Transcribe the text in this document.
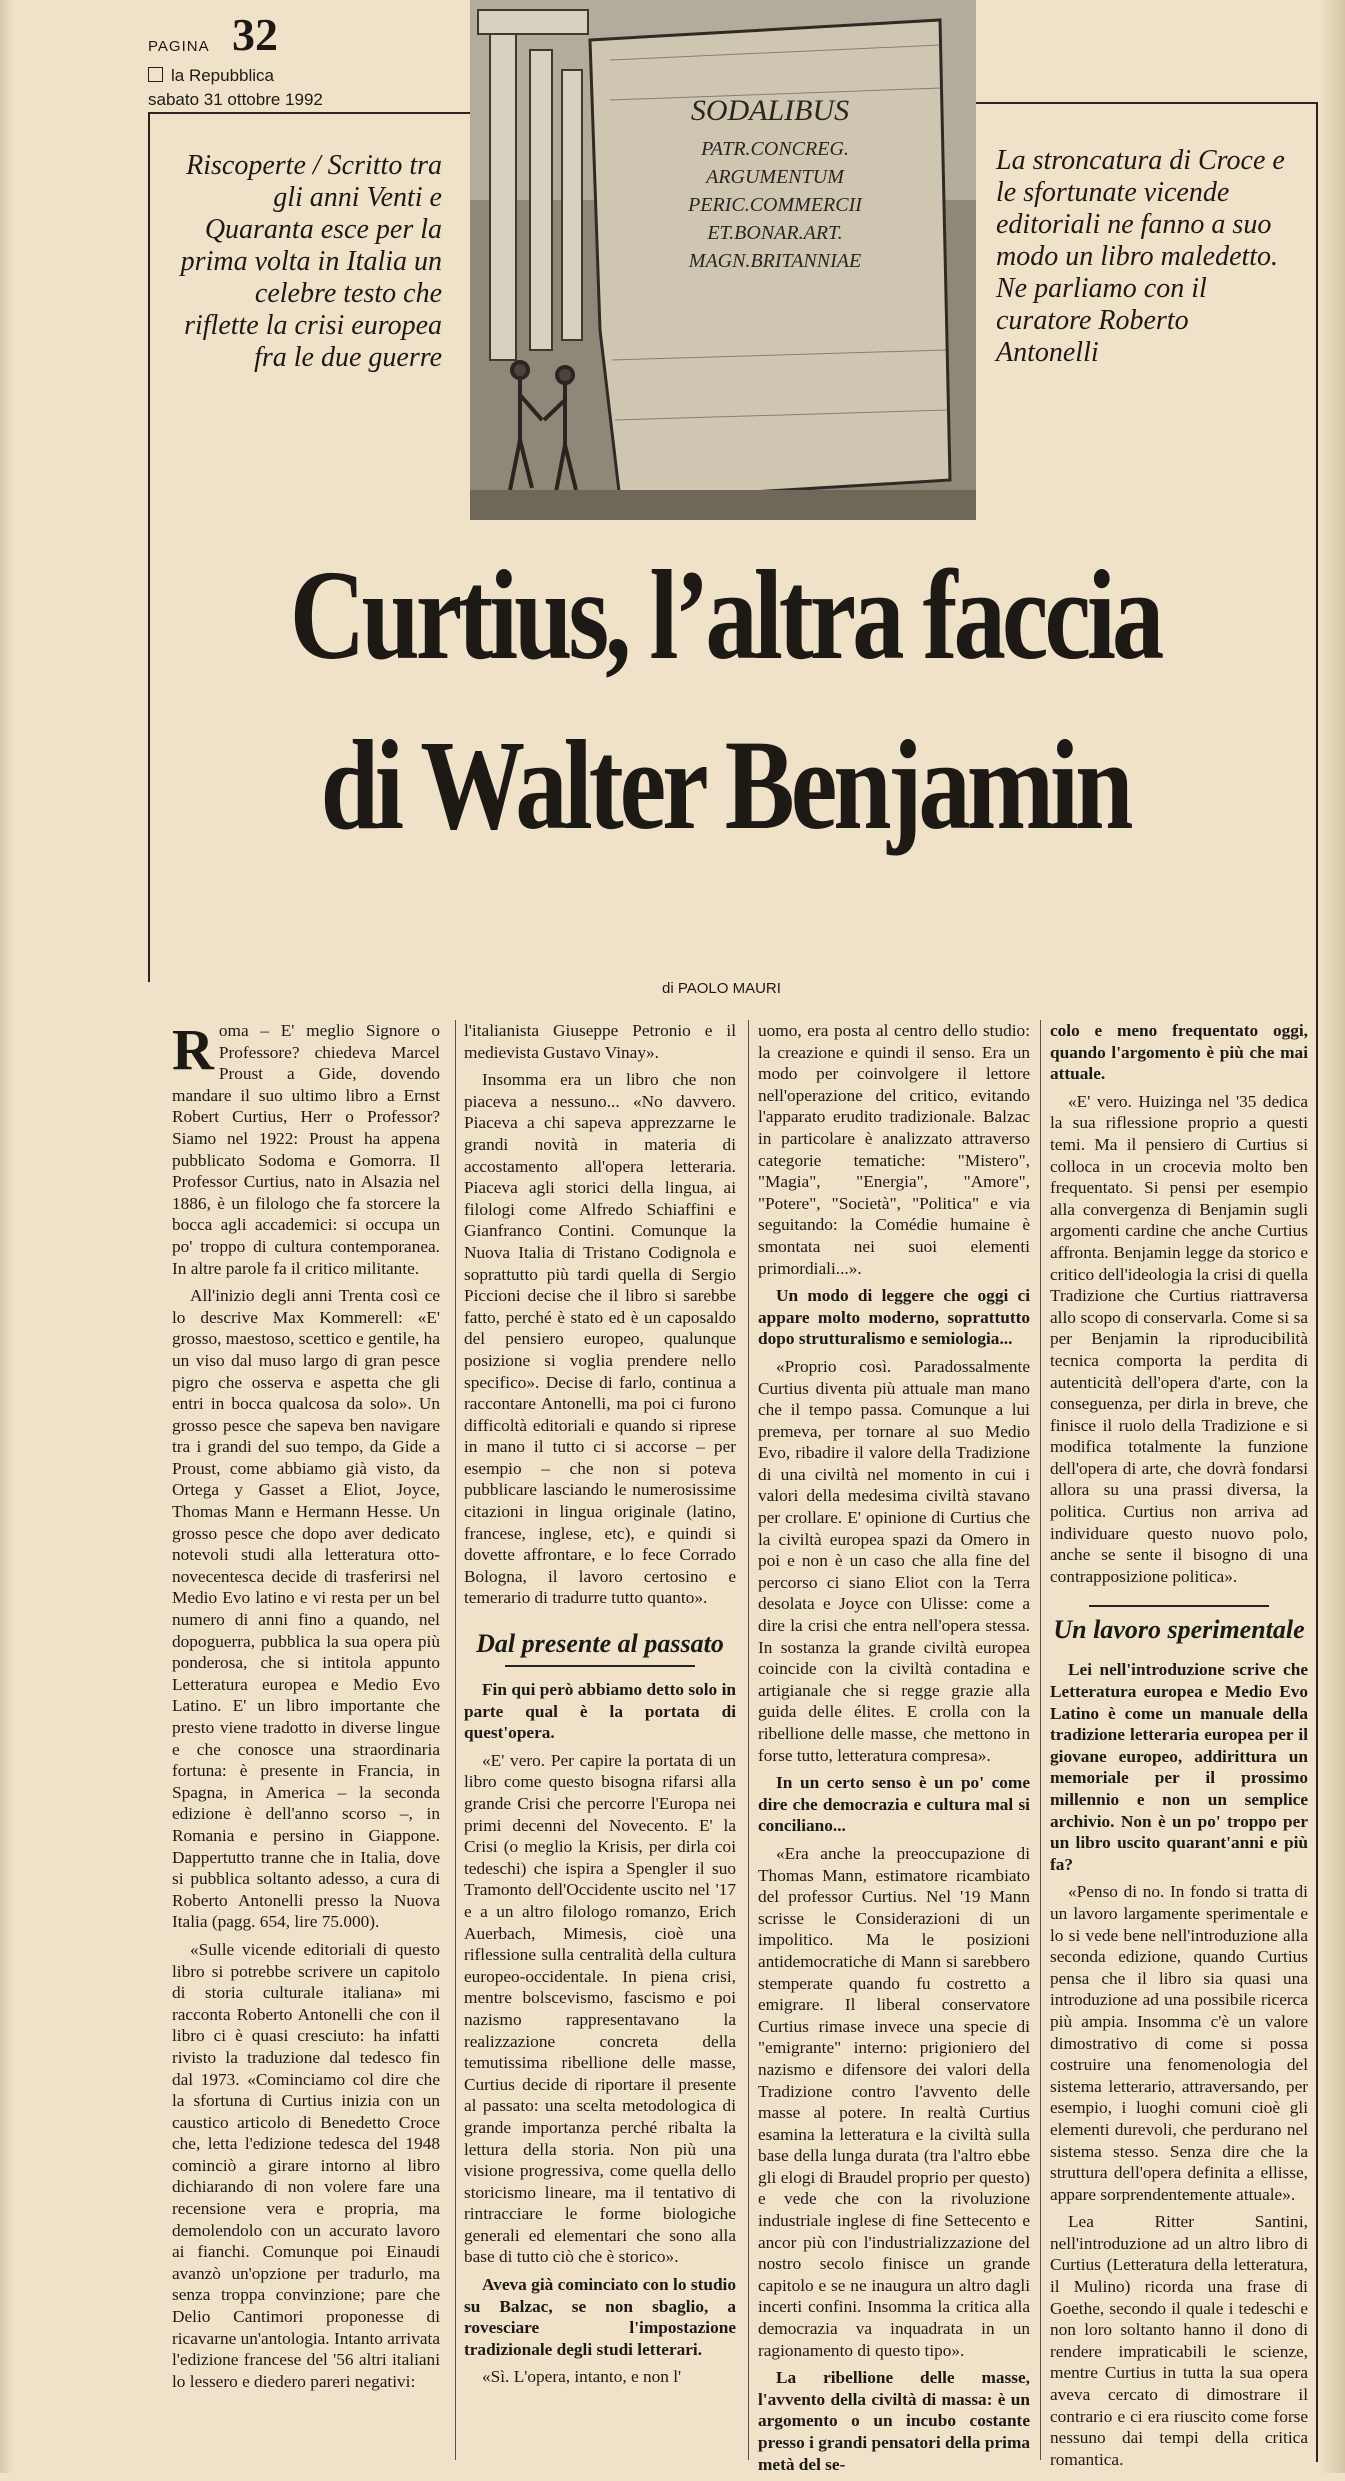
PAGINA 32
la Repubblica
sabato 31 ottobre 1992	SODALIBUS
PATR.CONCREG.
ARGUMENTUM
PERIC.COMMERCII
ET.BONAR.ART.
MAGN.BRITANNIAE
Riscoperte / Scritto tra gli anni Venti e Quaranta esce per la prima volta in Italia un celebre testo che riflette la crisi europea fra le due guerre
La stroncatura di Croce e le sfortunate vicende editoriali ne fanno a suo modo un libro maledetto. Ne parliamo con il curatore Roberto Antonelli
Curtius, l’altra faccia
di Walter Benjamin
di PAOLO MAURI

Roma – E' meglio Signore o Professore? chiedeva Marcel Proust a Gide, dovendo mandare il suo ultimo libro a Ernst Robert Curtius, Herr o Professor? Siamo nel 1922: Proust ha appena pubblicato Sodoma e Gomorra. Il Professor Curtius, nato in Alsazia nel 1886, è un filologo che fa storcere la bocca agli accademici: si occupa un po' troppo di cultura contemporanea. In altre parole fa il critico militante.

All'inizio degli anni Trenta così ce lo descrive Max Kommerell: «E' grosso, maestoso, scettico e gentile, ha un viso dal muso largo di gran pesce pigro che osserva e aspetta che gli entri in bocca qualcosa da solo». Un grosso pesce che sapeva ben navigare tra i grandi del suo tempo, da Gide a Proust, come abbiamo già visto, da Ortega y Gasset a Eliot, Joyce, Thomas Mann e Hermann Hesse. Un grosso pesce che dopo aver dedicato notevoli studi alla letteratura otto-novecentesca decide di trasferirsi nel Medio Evo latino e vi resta per un bel numero di anni fino a quando, nel dopoguerra, pubblica la sua opera più ponderosa, che si intitola appunto Letteratura europea e Medio Evo Latino. E' un libro importante che presto viene tradotto in diverse lingue e che conosce una straordinaria fortuna: è presente in Francia, in Spagna, in America – la seconda edizione è dell'anno scorso –, in Romania e persino in Giappone. Dappertutto tranne che in Italia, dove si pubblica soltanto adesso, a cura di Roberto Antonelli presso la Nuova Italia (pagg. 654, lire 75.000).

«Sulle vicende editoriali di questo libro si potrebbe scrivere un capitolo di storia culturale italiana» mi racconta Roberto Antonelli che con il libro ci è quasi cresciuto: ha infatti rivisto la traduzione dal tedesco fin dal 1973. «Cominciamo col dire che la sfortuna di Curtius inizia con un caustico articolo di Benedetto Croce che, letta l'edizione tedesca del 1948 cominciò a girare intorno al libro dichiarando di non volere fare una recensione vera e propria, ma demolendolo con un accurato lavoro ai fianchi. Comunque poi Einaudi avanzò un'opzione per tradurlo, ma senza troppa convinzione; pare che Delio Cantimori proponesse di ricavarne un'antologia. Intanto arrivata l'edizione francese del '56 altri italiani lo lessero e diedero pareri negativi:

l'italianista Giuseppe Petronio e il medievista Gustavo Vinay».

Insomma era un libro che non piaceva a nessuno... «No davvero. Piaceva a chi sapeva apprezzarne le grandi novità in materia di accostamento all'opera letteraria. Piaceva agli storici della lingua, ai filologi come Alfredo Schiaffini e Gianfranco Contini. Comunque la Nuova Italia di Tristano Codignola e soprattutto più tardi quella di Sergio Piccioni decise che il libro si sarebbe fatto, perché è stato ed è un caposaldo del pensiero europeo, qualunque posizione si voglia prendere nello specifico». Decise di farlo, continua a raccontare Antonelli, ma poi ci furono difficoltà editoriali e quando si riprese in mano il tutto ci si accorse – per esempio – che non si poteva pubblicare lasciando le numerosissime citazioni in lingua originale (latino, francese, inglese, etc), e quindi si dovette affrontare, e lo fece Corrado Bologna, il lavoro certosino e temerario di tradurre tutto quanto».

Dal presente al passato

Fin qui però abbiamo detto solo in parte qual è la portata di quest'opera.

«E' vero. Per capire la portata di un libro come questo bisogna rifarsi alla grande Crisi che percorre l'Europa nei primi decenni del Novecento. E' la Crisi (o meglio la Krisis, per dirla coi tedeschi) che ispira a Spengler il suo Tramonto dell'Occidente uscito nel '17 e a un altro filologo romanzo, Erich Auerbach, Mimesis, cioè una riflessione sulla centralità della cultura europeo-occidentale. In piena crisi, mentre bolscevismo, fascismo e poi nazismo rappresentavano la realizzazione concreta della temutissima ribellione delle masse, Curtius decide di riportare il presente al passato: una scelta metodologica di grande importanza perché ribalta la lettura della storia. Non più una visione progressiva, come quella dello storicismo lineare, ma il tentativo di rintracciare le forme biologiche generali ed elementari che sono alla base di tutto ciò che è storico».

Aveva già cominciato con lo studio su Balzac, se non sbaglio, a rovesciare l'impostazione tradizionale degli studi letterari.

«Sì. L'opera, intanto, e non l'

uomo, era posta al centro dello studio: la creazione e quindi il senso. Era un modo per coinvolgere il lettore nell'operazione del critico, evitando l'apparato erudito tradizionale. Balzac in particolare è analizzato attraverso categorie tematiche: "Mistero", "Magia", "Energia", "Amore", "Potere", "Società", "Politica" e via seguitando: la Comédie humaine è smontata nei suoi elementi primordiali...».

Un modo di leggere che oggi ci appare molto moderno, soprattutto dopo strutturalismo e semiologia...

«Proprio così. Paradossalmente Curtius diventa più attuale man mano che il tempo passa. Comunque a lui premeva, per tornare al suo Medio Evo, ribadire il valore della Tradizione di una civiltà nel momento in cui i valori della medesima civiltà stavano per crollare. E' opinione di Curtius che la civiltà europea spazi da Omero in poi e non è un caso che alla fine del percorso ci siano Eliot con la Terra desolata e Joyce con Ulisse: come a dire la crisi che entra nell'opera stessa. In sostanza la grande civiltà europea coincide con la civiltà contadina e artigianale che si regge grazie alla guida delle élites. E crolla con la ribellione delle masse, che mettono in forse tutto, letteratura compresa».

In un certo senso è un po' come dire che democrazia e cultura mal si conciliano...

«Era anche la preoccupazione di Thomas Mann, estimatore ricambiato del professor Curtius. Nel '19 Mann scrisse le Considerazioni di un impolitico. Ma le posizioni antidemocratiche di Mann si sarebbero stemperate quando fu costretto a emigrare. Il liberal conservatore Curtius rimase invece una specie di "emigrante" interno: prigioniero del nazismo e difensore dei valori della Tradizione contro l'avvento delle masse al potere. In realtà Curtius esamina la letteratura e la civiltà sulla base della lunga durata (tra l'altro ebbe gli elogi di Braudel proprio per questo) e vede che con la rivoluzione industriale inglese di fine Settecento e ancor più con l'industrializzazione del nostro secolo finisce un grande capitolo e se ne inaugura un altro dagli incerti confini. Insomma la critica alla democrazia va inquadrata in un ragionamento di questo tipo».

La ribellione delle masse, l'avvento della civiltà di massa: è un argomento o un incubo costante presso i grandi pensatori della prima metà del se-

colo e meno frequentato oggi, quando l'argomento è più che mai attuale.

«E' vero. Huizinga nel '35 dedica la sua riflessione proprio a questi temi. Ma il pensiero di Curtius si colloca in un crocevia molto ben frequentato. Si pensi per esempio alla convergenza di Benjamin sugli argomenti cardine che anche Curtius affronta. Benjamin legge da storico e critico dell'ideologia la crisi di quella Tradizione che Curtius riattraversa allo scopo di conservarla. Come si sa per Benjamin la riproducibilità tecnica comporta la perdita di autenticità dell'opera d'arte, con la conseguenza, per dirla in breve, che finisce il ruolo della Tradizione e si modifica totalmente la funzione dell'opera di arte, che dovrà fondarsi allora su una prassi diversa, la politica. Curtius non arriva ad individuare questo nuovo polo, anche se sente il bisogno di una contrapposizione politica».

Un lavoro sperimentale

Lei nell'introduzione scrive che Letteratura europea e Medio Evo Latino è come un manuale della tradizione letteraria europea per il giovane europeo, addirittura un memoriale per il prossimo millennio e non un semplice archivio. Non è un po' troppo per un libro uscito quarant'anni e più fa?

«Penso di no. In fondo si tratta di un lavoro largamente sperimentale e lo si vede bene nell'introduzione alla seconda edizione, quando Curtius pensa che il libro sia quasi una introduzione ad una possibile ricerca più ampia. Insomma c'è un valore dimostrativo di come si possa costruire una fenomenologia del sistema letterario, attraversando, per esempio, i luoghi comuni cioè gli elementi durevoli, che perdurano nel sistema stesso. Senza dire che la struttura dell'opera definita a ellisse, appare sorprendentemente attuale».

Lea Ritter Santini, nell'introduzione ad un altro libro di Curtius (Letteratura della letteratura, il Mulino) ricorda una frase di Goethe, secondo il quale i tedeschi e non loro soltanto hanno il dono di rendere impraticabili le scienze, mentre Curtius in tutta la sua opera aveva cercato di dimostrare il contrario e ci era riuscito come forse nessuno dai tempi della critica romantica.
